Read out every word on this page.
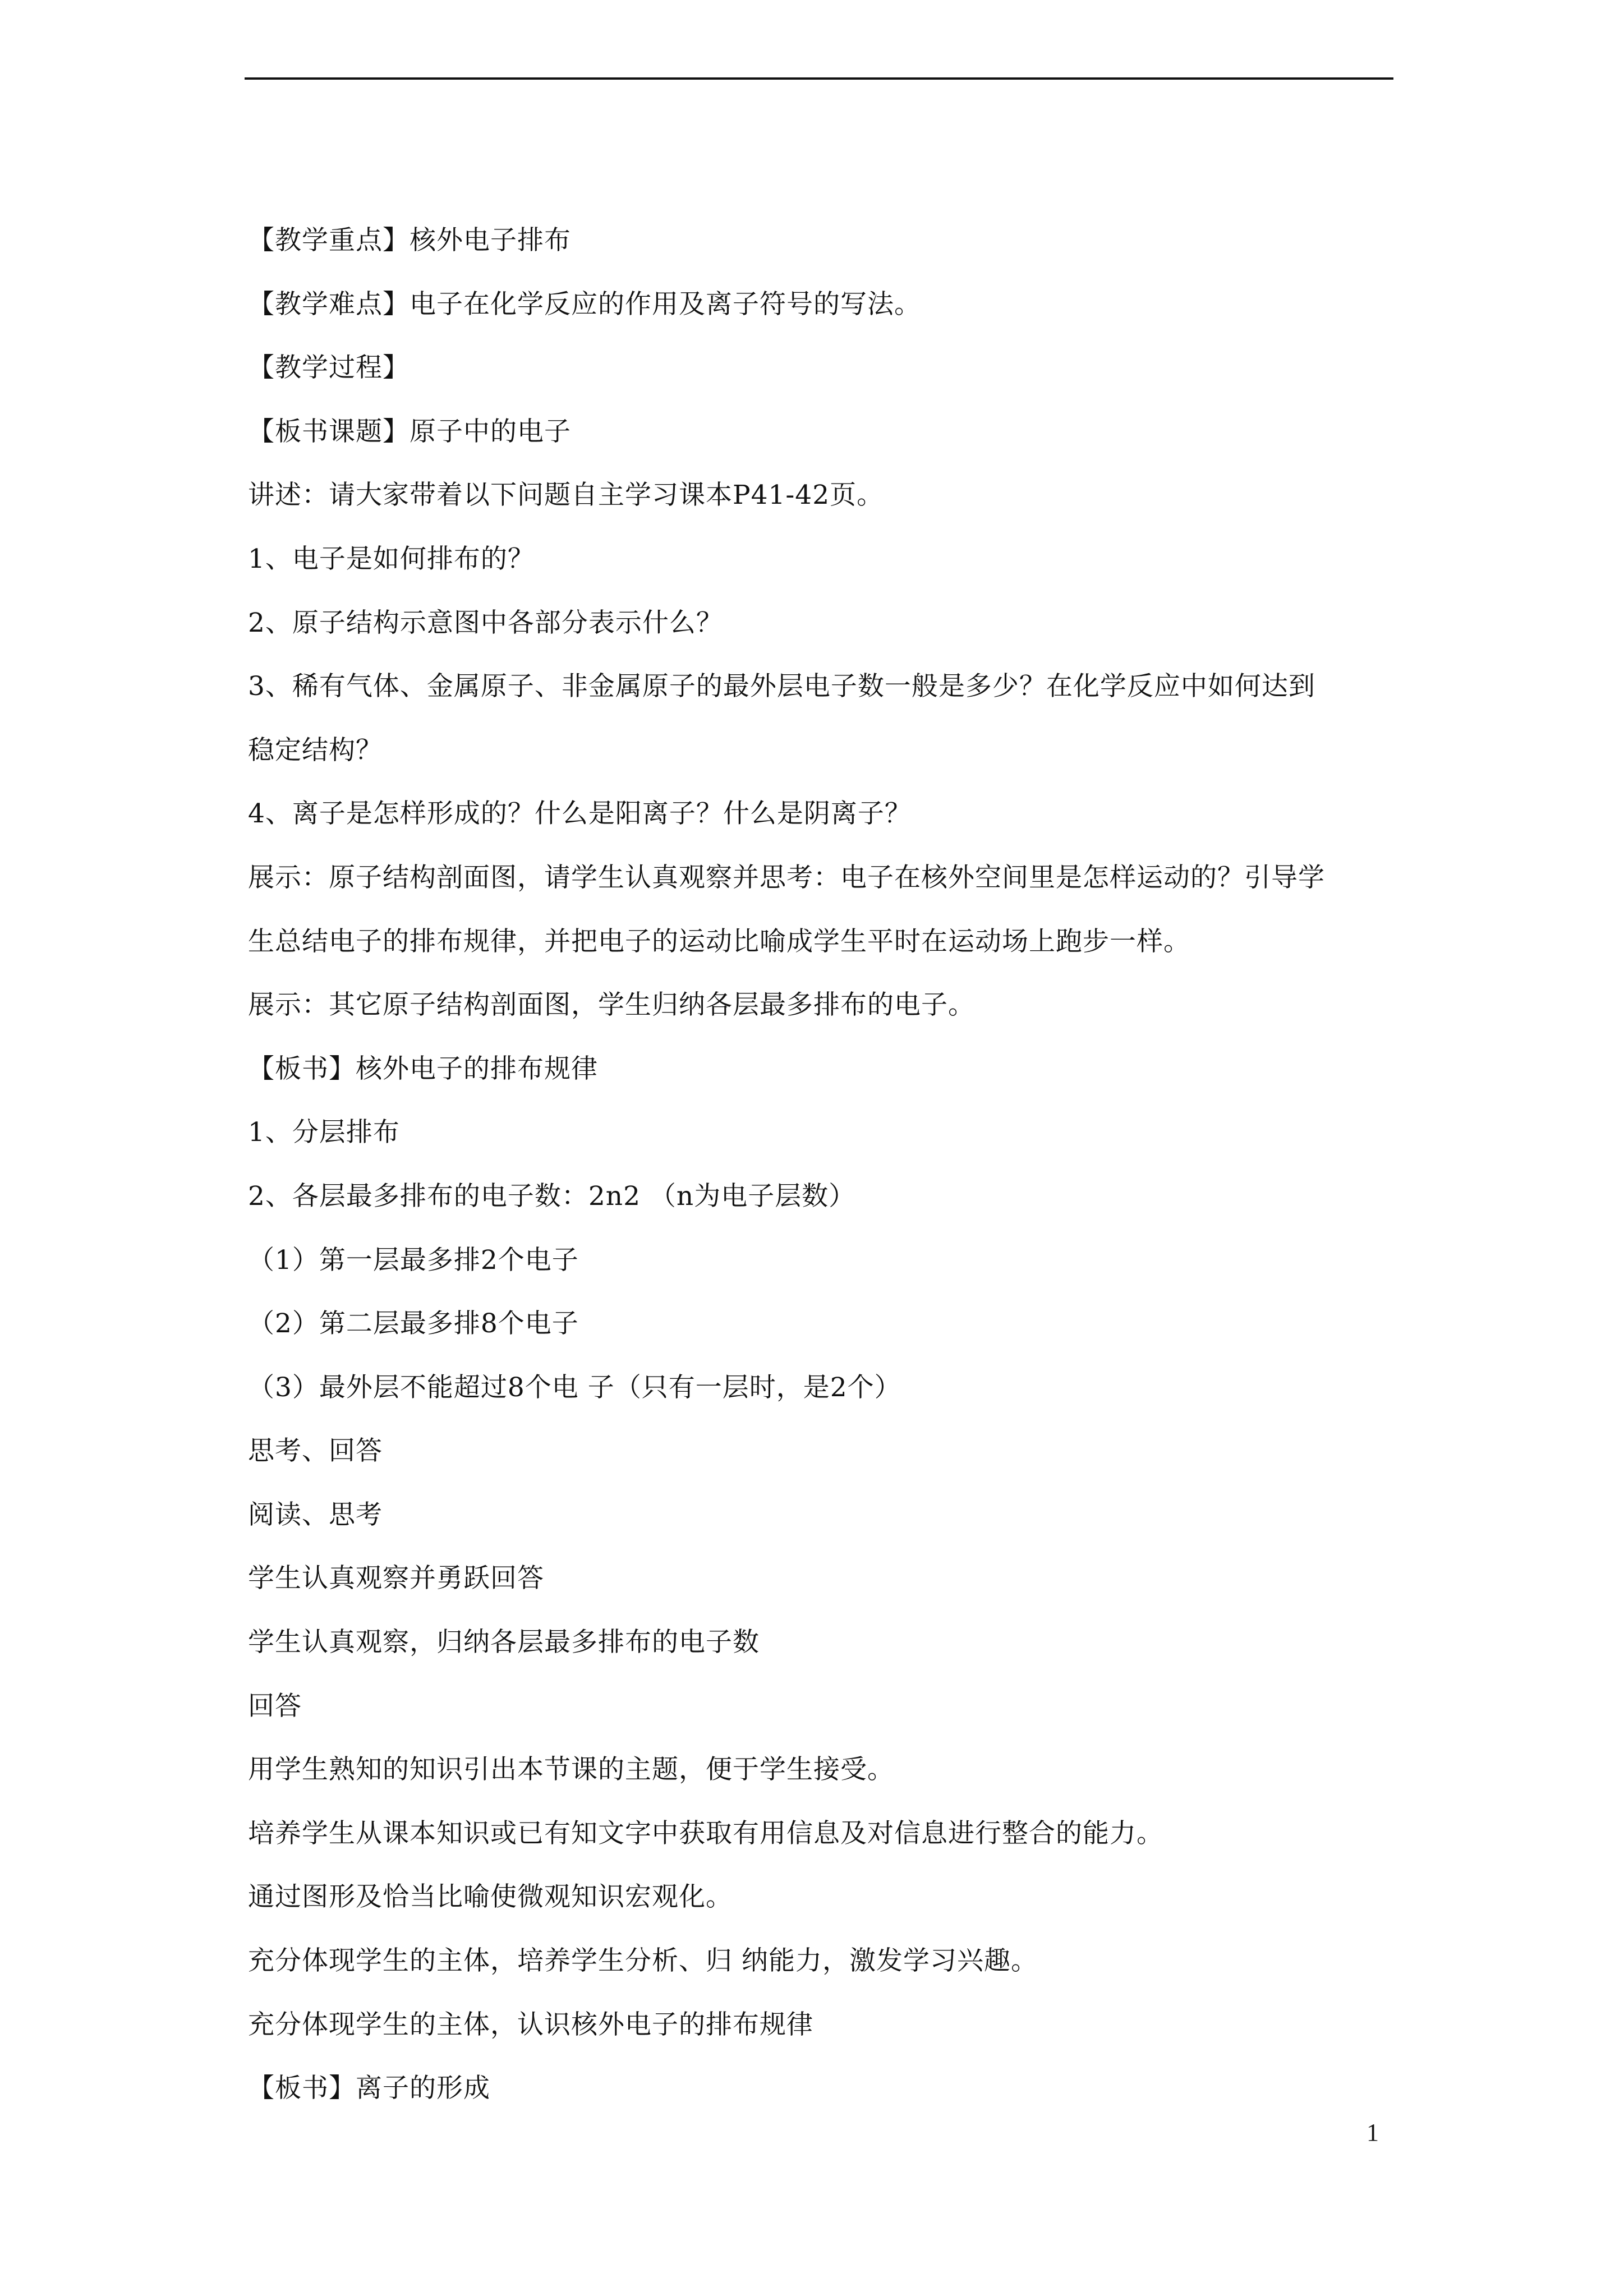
【教学重点】核外电子排布
【教学难点】电子在化学反应的作用及离子符号的写法。
【教学过程】
【板书课题】原子中的电子
讲述：请大家带着以下问题自主学习课本P41-42页。
1、电子是如何排布的？
2、原子结构示意图中各部分表示什么？
3、稀有气体、金属原子、非金属原子的最外层电子数一般是多少？在化学反应中如何达到
稳定结构？
4、离子是怎样形成的？什么是阳离子？什么是阴离子？
展示：原子结构剖面图，请学生认真观察并思考：电子在核外空间里是怎样运动的？引导学
生总结电子的排布规律，并把电子的运动比喻成学生平时在运动场上跑步一样。
展示：其它原子结构剖面图，学生归纳各层最多排布的电子。
【板书】核外电子的排布规律
1、分层排布
2、各层最多排布的电子数：2n2 （n为电子层数）
（1）第一层最多排2个电子
（2）第二层最多排8个电子
（3）最外层不能超过8个电 子（只有一层时，是2个）
思考、回答
阅读、思考
学生认真观察并勇跃回答
学生认真观察，归纳各层最多排布的电子数
回答
用学生熟知的知识引出本节课的主题，便于学生接受。
培养学生从课本知识或已有知文字中获取有用信息及对信息进行整合的能力。
通过图形及恰当比喻使微观知识宏观化。
充分体现学生的主体，培养学生分析、归 纳能力，激发学习兴趣。
充分体现学生的主体，认识核外电子的排布规律
【板书】离子的形成
1
